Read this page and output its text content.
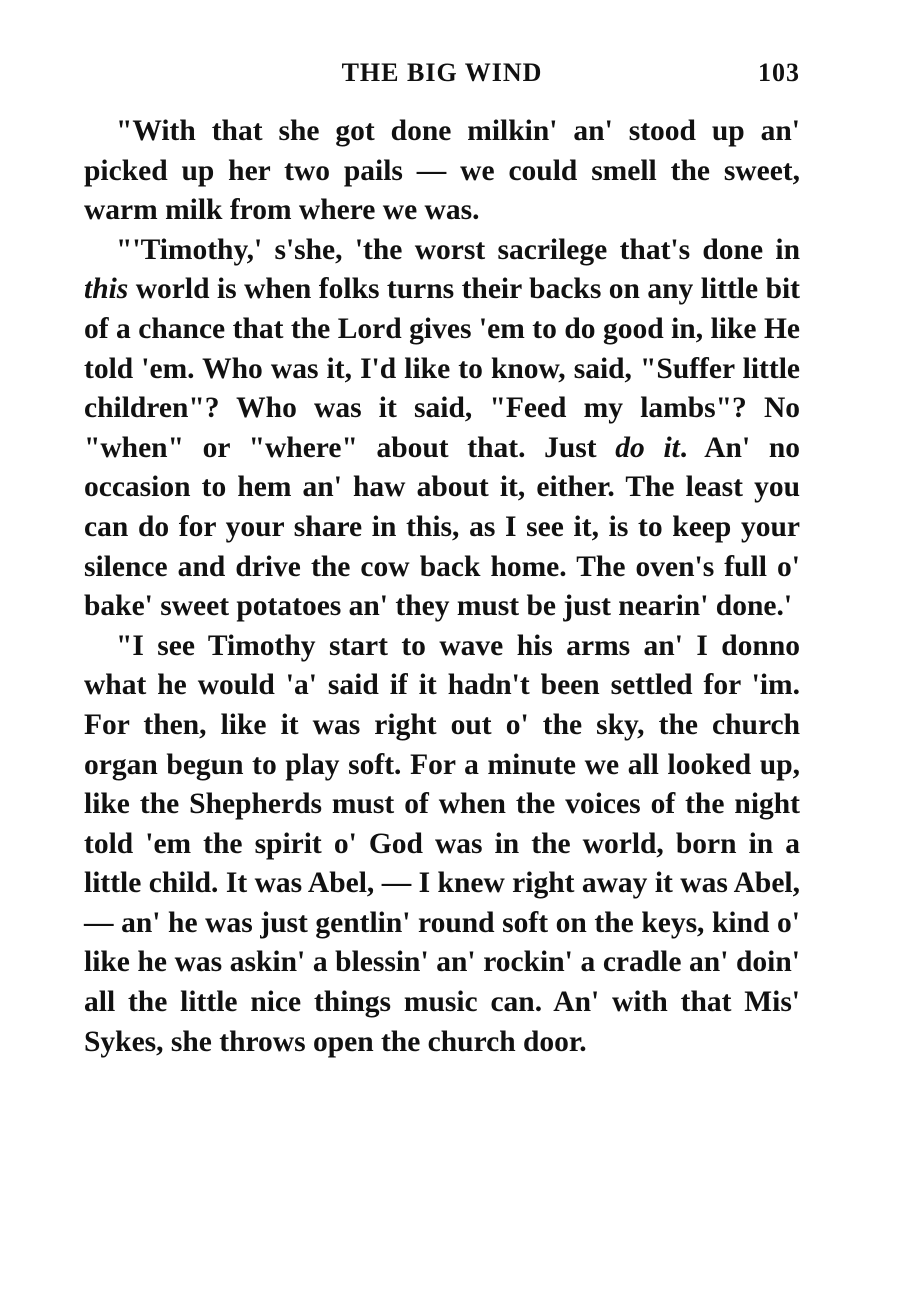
THE BIG WIND	103

"With that she got done milkin' an' stood up an' picked up her two pails — we could smell the sweet, warm milk from where we was.

"'Timothy,' s'she, 'the worst sacrilege that's done in this world is when folks turns their backs on any little bit of a chance that the Lord gives 'em to do good in, like He told 'em. Who was it, I'd like to know, said, "Suffer little children"? Who was it said, "Feed my lambs"? No "when" or "where" about that. Just do it. An' no occasion to hem an' haw about it, either. The least you can do for your share in this, as I see it, is to keep your silence and drive the cow back home. The oven's full o' bake' sweet potatoes an' they must be just nearin' done.'

"I see Timothy start to wave his arms an' I donno what he would 'a' said if it hadn't been settled for 'im. For then, like it was right out o' the sky, the church organ begun to play soft. For a minute we all looked up, like the Shepherds must of when the voices of the night told 'em the spirit o' God was in the world, born in a little child. It was Abel, — I knew right away it was Abel, — an' he was just gentlin' round soft on the keys, kind o' like he was askin' a blessin' an' rockin' a cradle an' doin' all the little nice things music can. An' with that Mis' Sykes, she throws open the church door.
